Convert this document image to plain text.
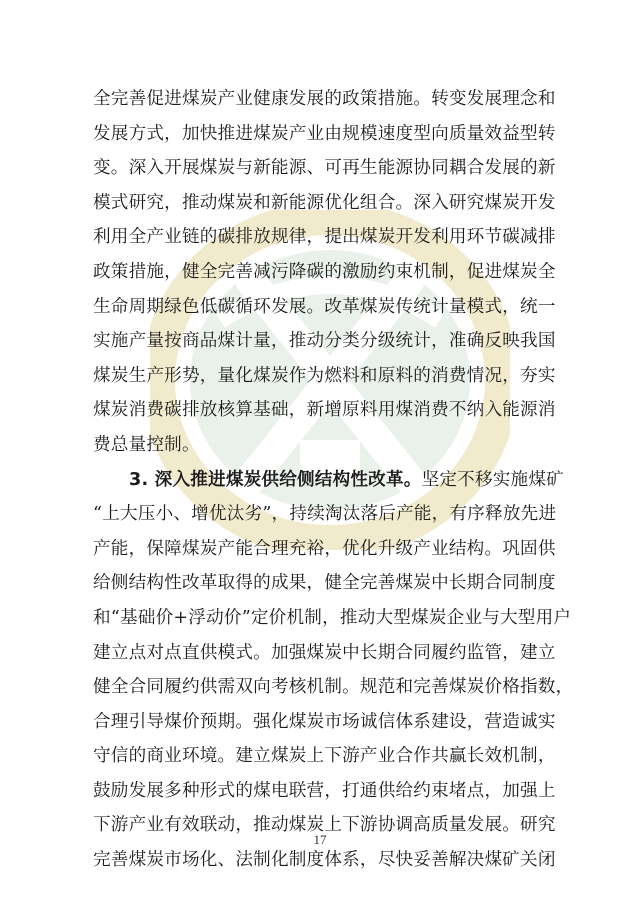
全完善促进煤炭产业健康发展的政策措施。转变发展理念和
发展方式，加快推进煤炭产业由规模速度型向质量效益型转
变。深入开展煤炭与新能源、可再生能源协同耦合发展的新
模式研究，推动煤炭和新能源优化组合。深入研究煤炭开发
利用全产业链的碳排放规律，提出煤炭开发利用环节碳减排
政策措施，健全完善减污降碳的激励约束机制，促进煤炭全
生命周期绿色低碳循环发展。改革煤炭传统计量模式，统一
实施产量按商品煤计量，推动分类分级统计，准确反映我国
煤炭生产形势，量化煤炭作为燃料和原料的消费情况，夯实
煤炭消费碳排放核算基础，新增原料用煤消费不纳入能源消
费总量控制。
3. 深入推进煤炭供给侧结构性改革。坚定不移实施煤矿
“上大压小、增优汰劣”，持续淘汰落后产能，有序释放先进
产能，保障煤炭产能合理充裕，优化升级产业结构。巩固供
给侧结构性改革取得的成果，健全完善煤炭中长期合同制度
和“基础价+浮动价”定价机制，推动大型煤炭企业与大型用户
建立点对点直供模式。加强煤炭中长期合同履约监管，建立
健全合同履约供需双向考核机制。规范和完善煤炭价格指数，
合理引导煤价预期。强化煤炭市场诚信体系建设，营造诚实
守信的商业环境。建立煤炭上下游产业合作共赢长效机制，
鼓励发展多种形式的煤电联营，打通供给约束堵点，加强上
下游产业有效联动，推动煤炭上下游协调高质量发展。研究
完善煤炭市场化、法制化制度体系，尽快妥善解决煤矿关闭
17
